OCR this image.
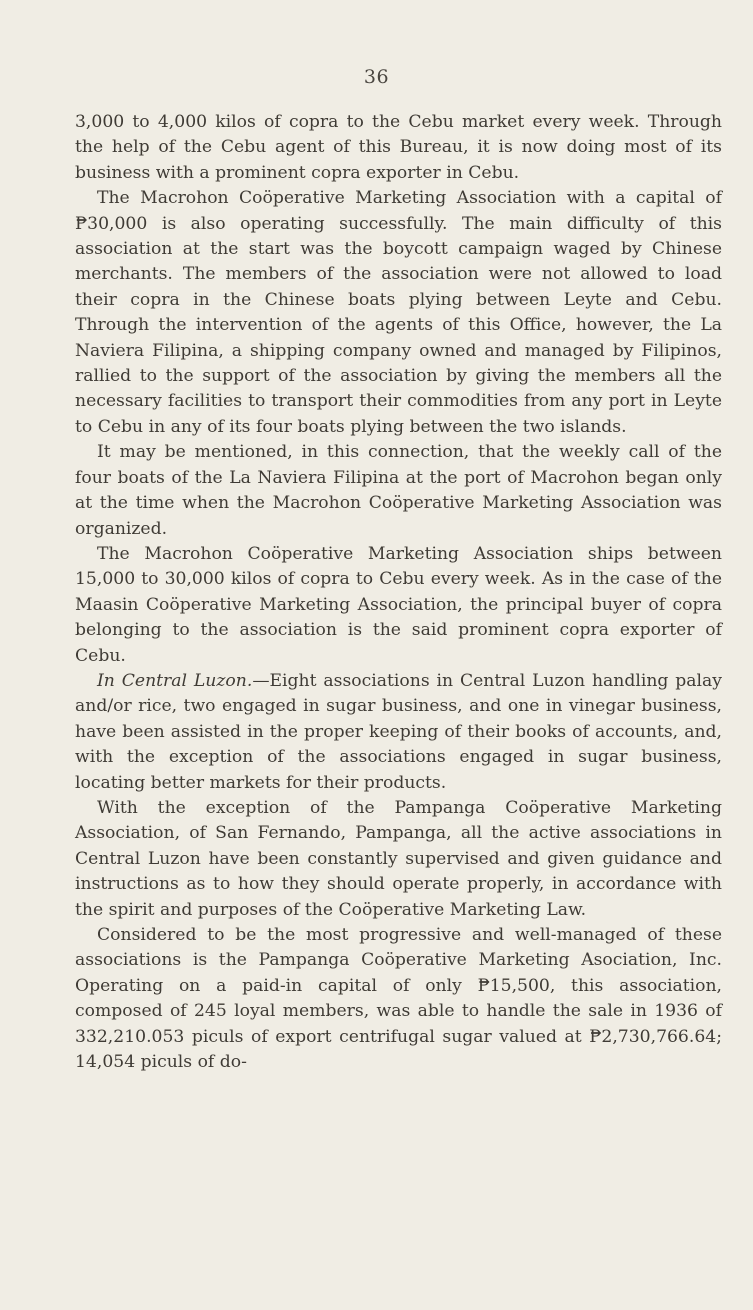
36

3,000 to 4,000 kilos of copra to the Cebu market every week. Through the help of the Cebu agent of this Bureau, it is now doing most of its business with a prominent copra exporter in Cebu.

The Macrohon Coöperative Marketing Association with a capital of ₱30,000 is also operating successfully. The main difficulty of this association at the start was the boycott campaign waged by Chinese merchants. The members of the association were not allowed to load their copra in the Chinese boats plying between Leyte and Cebu. Through the intervention of the agents of this Office, however, the La Naviera Filipina, a shipping company owned and managed by Filipinos, rallied to the support of the association by giving the members all the necessary facilities to transport their commodities from any port in Leyte to Cebu in any of its four boats plying between the two islands.

It may be mentioned, in this connection, that the weekly call of the four boats of the La Naviera Filipina at the port of Macrohon began only at the time when the Macrohon Coöperative Marketing Association was organized.

The Macrohon Coöperative Marketing Association ships between 15,000 to 30,000 kilos of copra to Cebu every week. As in the case of the Maasin Coöperative Marketing Association, the principal buyer of copra belonging to the association is the said prominent copra exporter of Cebu.

In Central Luzon.—Eight associations in Central Luzon handling palay and/or rice, two engaged in sugar business, and one in vinegar business, have been assisted in the proper keeping of their books of accounts, and, with the exception of the associations engaged in sugar business, locating better markets for their products.

With the exception of the Pampanga Coöperative Marketing Association, of San Fernando, Pampanga, all the active associations in Central Luzon have been constantly supervised and given guidance and instructions as to how they should operate properly, in accordance with the spirit and purposes of the Coöperative Marketing Law.

Considered to be the most progressive and well-managed of these associations is the Pampanga Coöperative Marketing Asociation, Inc. Operating on a paid-in capital of only ₱15,500, this association, composed of 245 loyal members, was able to handle the sale in 1936 of 332,210.053 piculs of export centrifugal sugar valued at ₱2,730,766.64; 14,054 piculs of do-
